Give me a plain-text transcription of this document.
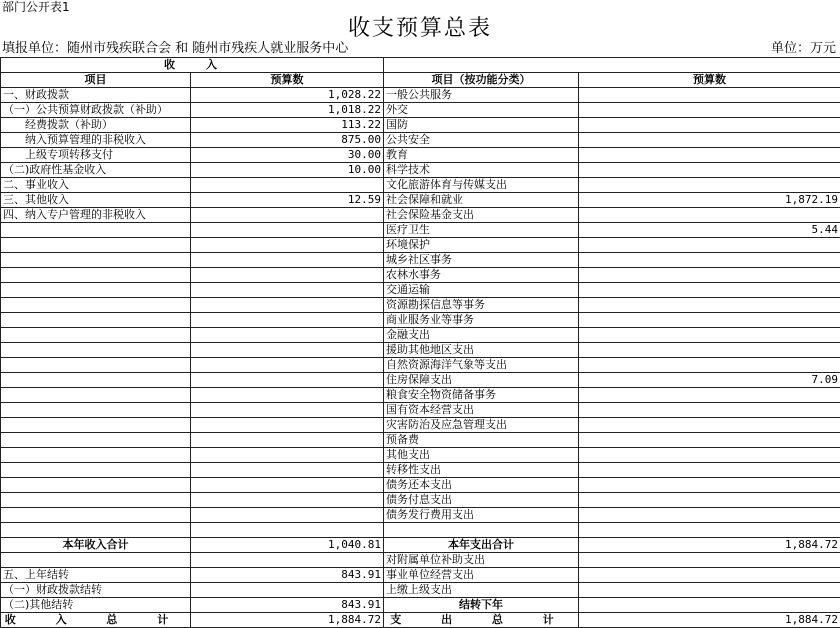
部门公开表1
收支预算总表
填报单位：随州市残疾联合会 和 随州市残疾人就业服务中心	单位：万元
收　　入			
项目	预算数	项目（按功能分类）	预算数
一、财政拨款	1,028.22	一般公共服务	
（一）公共预算财政拨款（补助）	1,018.22	外交	
　　经费拨款（补助）	113.22	国防	
　　纳入预算管理的非税收入	875.00	公共安全	
　　上级专项转移支付	30.00	教育	
（二)政府性基金收入	10.00	科学技术	
二、事业收入		文化旅游体育与传媒支出	
三、其他收入	12.59	社会保障和就业	1,872.19
四、纳入专户管理的非税收入		社会保险基金支出	
		医疗卫生	5.44
		环境保护	
		城乡社区事务	
		农林水事务	
		交通运输	
		资源勘探信息等事务	
		商业服务业等事务	
		金融支出	
		援助其他地区支出	
		自然资源海洋气象等支出	
		住房保障支出	7.09
		粮食安全物资储备事务	
		国有资本经营支出	
		灾害防治及应急管理支出	
		预备费	
		其他支出	
		转移性支出	
		债务还本支出	
		债务付息支出	
		债务发行费用支出	

本年收入合计	1,040.81	本年支出合计	1,884.72
		对附属单位补助支出	
五、上年结转	843.91	事业单位经营支出	
（一）财政拨款结转		上缴上级支出	
（二)其他结转	843.91	结转下年	
收 入 总 计	1,884.72	支 出 总 计	1,884.72
